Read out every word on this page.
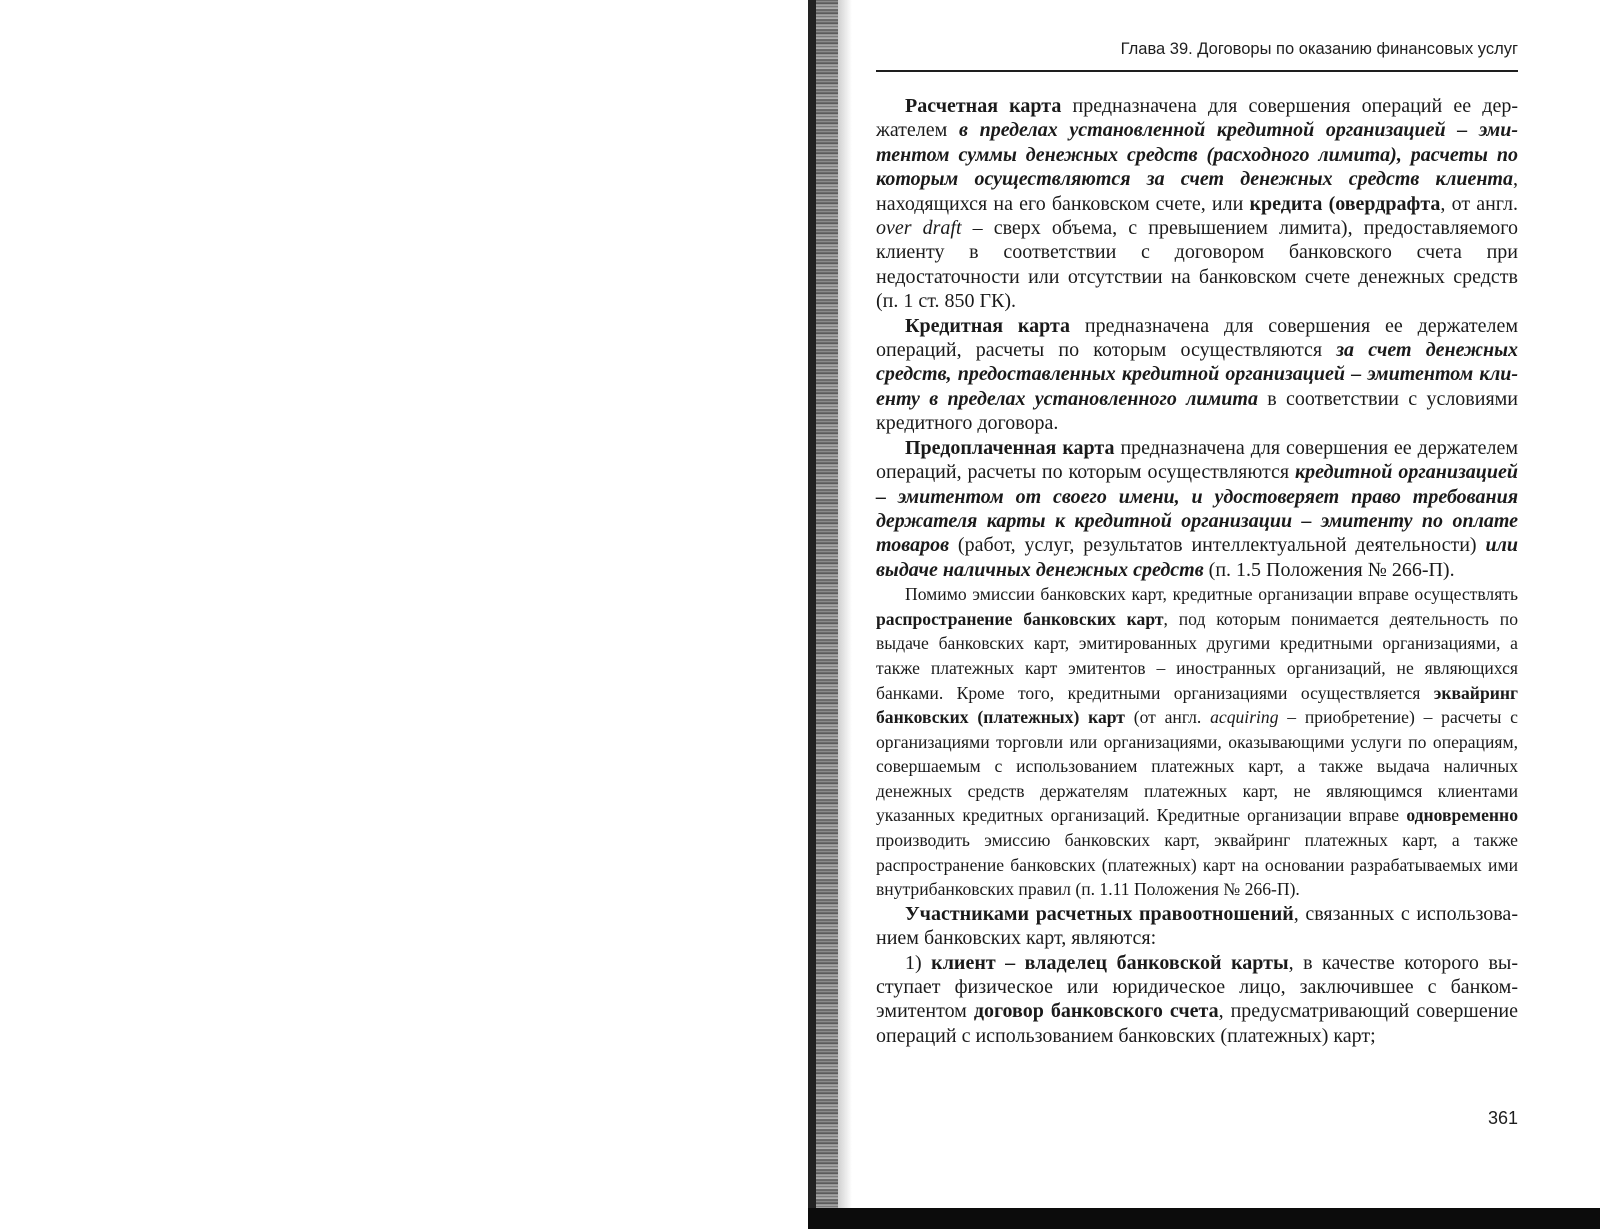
Глава 39. Договоры по оказанию финансовых услуг

Расчетная карта предназначена для совершения операций ее держателем в пределах установленной кредитной организацией – эмитентом суммы денежных средств (расходного лимита), расчеты по которым осуществляются за счет денежных средств клиента, находящихся на его банковском счете, или кредита (овердрафта, от англ. over draft – сверх объема, с превышением лимита), предоставляемого клиенту в соответствии с договором банковского счета при недостаточности или отсутствии на банковском счете денежных средств (п. 1 ст. 850 ГК).

Кредитная карта предназначена для совершения ее держателем операций, расчеты по которым осуществляются за счет денежных средств, предоставленных кредитной организацией – эмитентом клиенту в пределах установленного лимита в соответствии с условиями кредитного договора.

Предоплаченная карта предназначена для совершения ее держателем операций, расчеты по которым осуществляются кредитной организацией – эмитентом от своего имени, и удостоверяет право требования держателя карты к кредитной организации – эмитенту по оплате товаров (работ, услуг, результатов интеллектуальной деятельности) или выдаче наличных денежных средств (п. 1.5 Положения № 266-П).

Помимо эмиссии банковских карт, кредитные организации вправе осуществлять распространение банковских карт, под которым понимается деятельность по выдаче банковских карт, эмитированных другими кредитными организациями, а также платежных карт эмитентов – иностранных организаций, не являющихся банками. Кроме того, кредитными организациями осуществляется эквайринг банковских (платежных) карт (от англ. acquiring – приобретение) – расчеты с организациями торговли или организациями, оказывающими услуги по операциям, совершаемым с использованием платежных карт, а также выдача наличных денежных средств держателям платежных карт, не являющимся клиентами указанных кредитных организаций. Кредитные организации вправе одновременно производить эмиссию банковских карт, эквайринг платежных карт, а также распространение банковских (платежных) карт на основании разрабатываемых ими внутрибанковских правил (п. 1.11 Положения № 266-П).

Участниками расчетных правоотношений, связанных с использованием банковских карт, являются:

1) клиент – владелец банковской карты, в качестве которого выступает физическое или юридическое лицо, заключившее с банком-эмитентом договор банковского счета, предусматривающий совершение операций с использованием банковских (платежных) карт;

361
